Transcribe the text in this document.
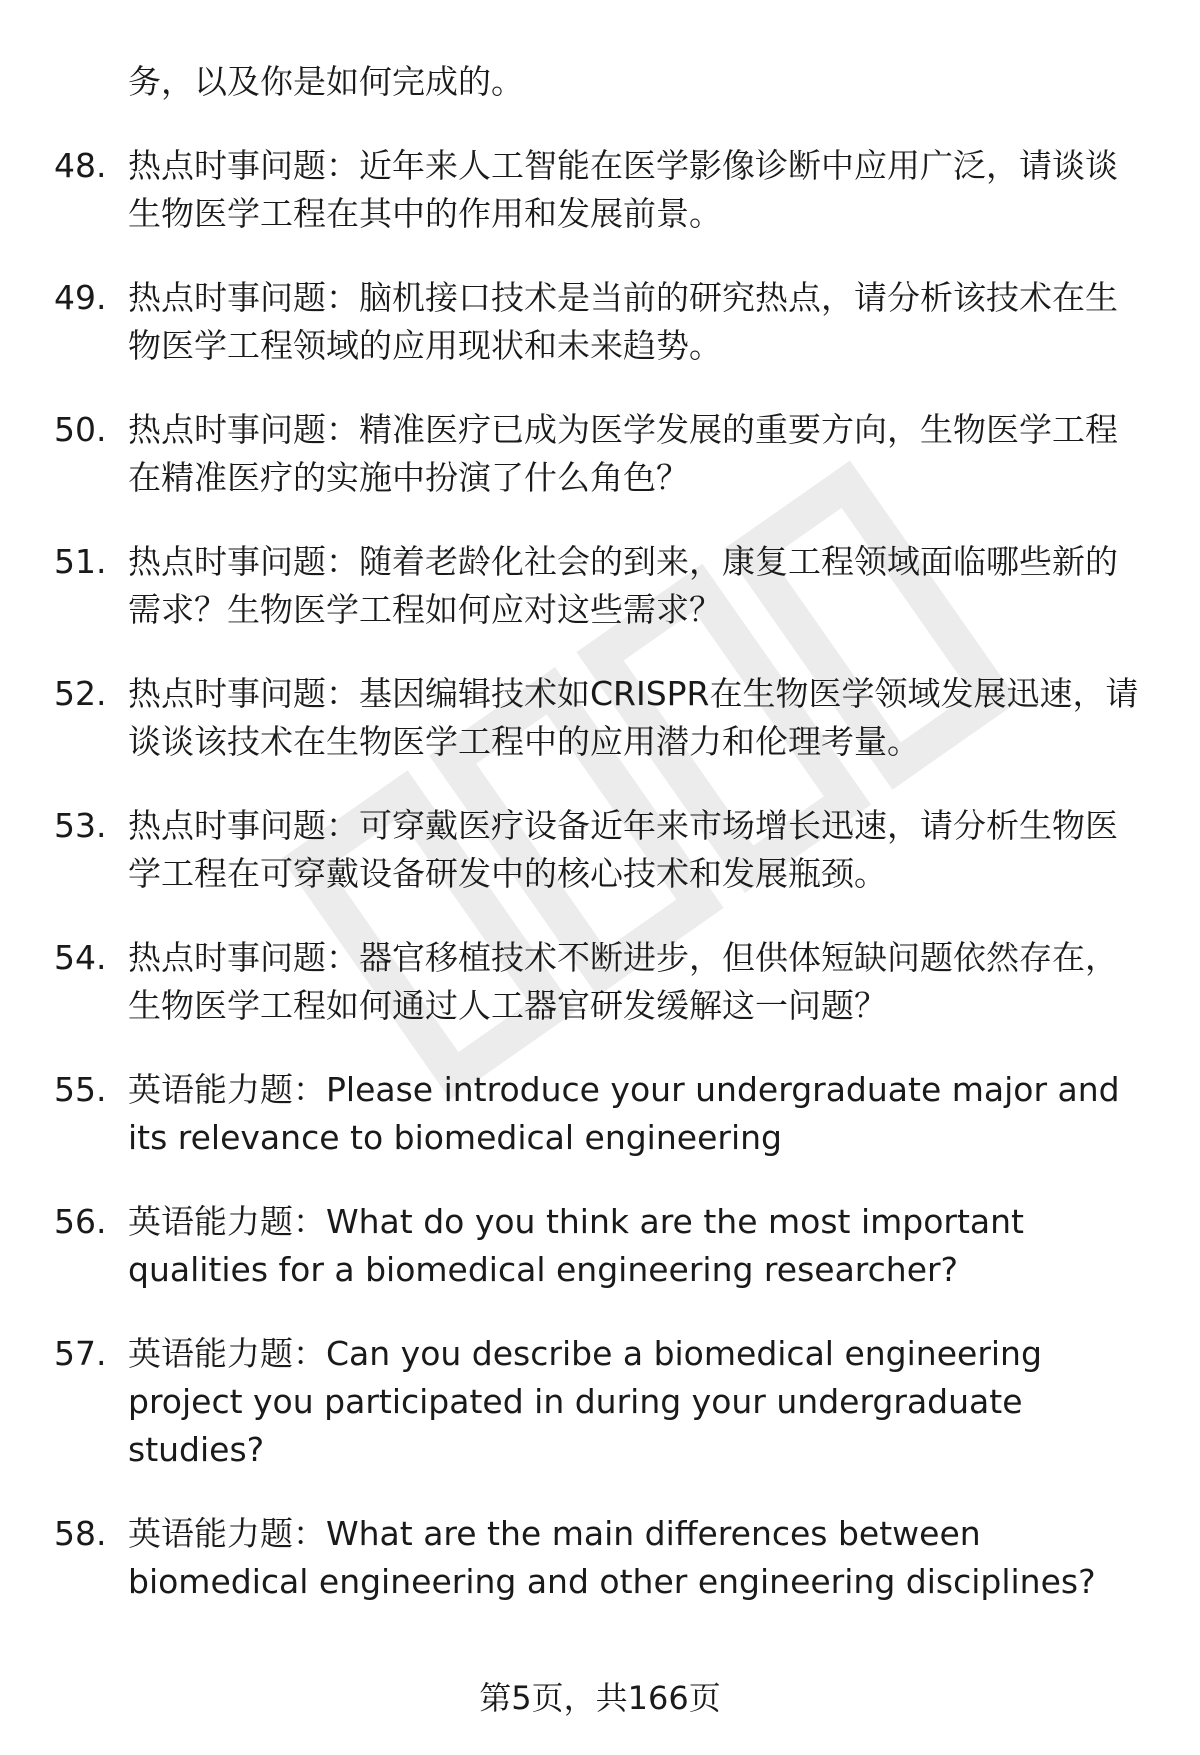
务，以及你是如何完成的。
48. 热点时事问题：近年来人工智能在医学影像诊断中应用广泛，请谈谈生物医学工程在其中的作用和发展前景。
49. 热点时事问题：脑机接口技术是当前的研究热点，请分析该技术在生物医学工程领域的应用现状和未来趋势。
50. 热点时事问题：精准医疗已成为医学发展的重要方向，生物医学工程在精准医疗的实施中扮演了什么角色？
51. 热点时事问题：随着老龄化社会的到来，康复工程领域面临哪些新的需求？生物医学工程如何应对这些需求？
52. 热点时事问题：基因编辑技术如CRISPR在生物医学领域发展迅速，请谈谈该技术在生物医学工程中的应用潜力和伦理考量。
53. 热点时事问题：可穿戴医疗设备近年来市场增长迅速，请分析生物医学工程在可穿戴设备研发中的核心技术和发展瓶颈。
54. 热点时事问题：器官移植技术不断进步，但供体短缺问题依然存在，生物医学工程如何通过人工器官研发缓解这一问题？
55. 英语能力题：Please introduce your undergraduate major and its relevance to biomedical engineering
56. 英语能力题：What do you think are the most important qualities for a biomedical engineering researcher?
57. 英语能力题：Can you describe a biomedical engineering project you participated in during your undergraduate studies?
58. 英语能力题：What are the main differences between biomedical engineering and other engineering disciplines?
第5页，共166页
